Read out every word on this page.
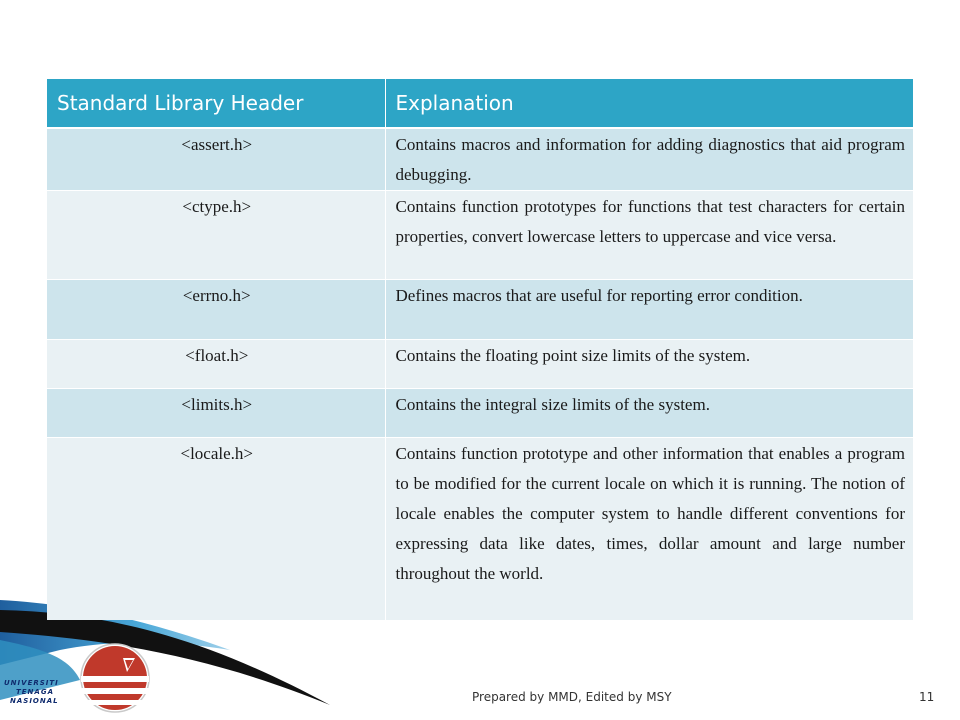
UNIVERSITI
TENAGA
NASIONAL
Standard Library Header	Explanation
<assert.h>	Contains macros and information for adding diagnostics that aid program debugging.
<ctype.h>	Contains function prototypes for functions that test characters for certain properties, convert lowercase letters to uppercase and vice versa.
<errno.h>	Defines macros that are useful for reporting error condition.
<float.h>	Contains the floating point size limits of the system.
<limits.h>	Contains the integral size limits of the system.
<locale.h>	Contains function prototype and other information that enables a program to be modified for the current locale on which it is running. The notion of locale enables the computer system to handle different conventions for expressing data like dates, times, dollar amount and large number throughout the world.
Prepared by MMD, Edited by MSY	11
